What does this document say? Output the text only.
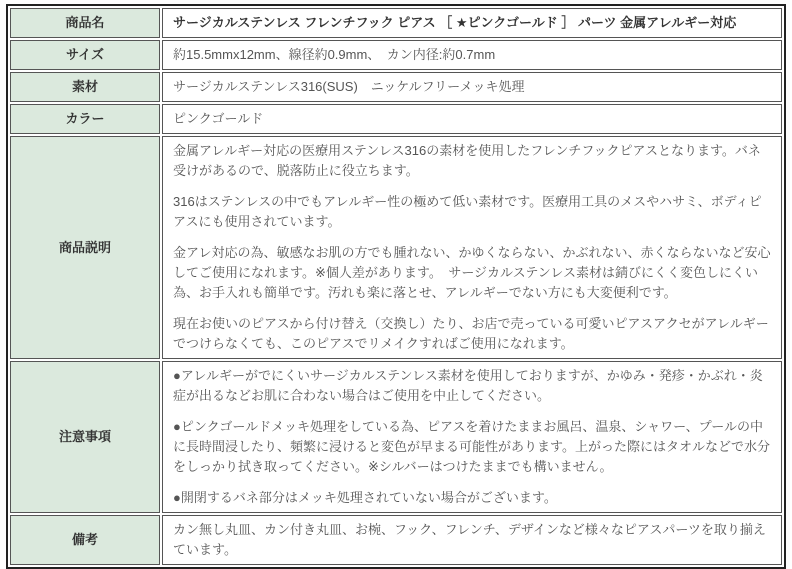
商品名	サージカルステンレス フレンチフック ピアス ［ ★ピンクゴールド ］ パーツ 金属アレルギー対応
サイズ	約15.5mmx12mm、線径約0.9mm、　カン内径:約0.7mm
素材	サージカルステンレス316(SUS)　ニッケルフリーメッキ処理
カラー	ピンクゴールド
商品説明	金属アレルギー対応の医療用ステンレス316の素材を使用したフレンチフックピアスとなります。バネ受けがあるので、脱落防止に役立ちます。

316はステンレスの中でもアレルギー性の極めて低い素材です。医療用工具のメスやハサミ、ボディピアスにも使用されています。

金アレ対応の為、敏感なお肌の方でも腫れない、かゆくならない、かぶれない、赤くならないなど安心してご使用になれます。※個人差があります。　サージカルステンレス素材は錆びにくく変色しにくい為、お手入れも簡単です。汚れも楽に落とせ、アレルギーでない方にも大変便利です。

現在お使いのピアスから付け替え（交換し）たり、お店で売っている可愛いピアスアクセがアレルギーでつけらなくても、このピアスでリメイクすればご使用になれます。

注意事項	●アレルギーがでにくいサージカルステンレス素材を使用しておりますが、かゆみ・発疹・かぶれ・炎症が出るなどお肌に合わない場合はご使用を中止してください。

●ピンクゴールドメッキ処理をしている為、ピアスを着けたままお風呂、温泉、シャワー、プールの中に長時間浸したり、頻繁に浸けると変色が早まる可能性があります。上がった際にはタオルなどで水分をしっかり拭き取ってください。※シルバーはつけたままでも構いません。

●開閉するバネ部分はメッキ処理されていない場合がございます。

備考	カン無し丸皿、カン付き丸皿、お椀、フック、フレンチ、デザインなど様々なピアスパーツを取り揃えています。
